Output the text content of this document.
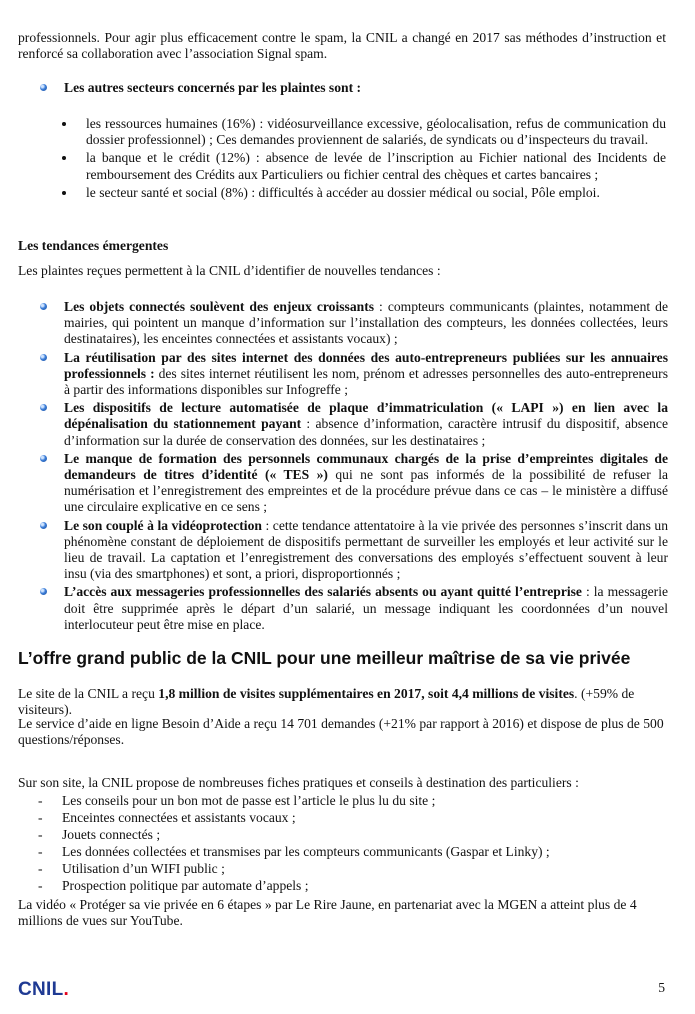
professionnels. Pour agir plus efficacement contre le spam, la CNIL a changé en 2017 sas méthodes d’instruction et renforcé sa collaboration avec l’association Signal spam.

Les autres secteurs concernés par les plaintes sont :
les ressources humaines (16%) : vidéosurveillance excessive, géolocalisation, refus de communication du dossier professionnel) ; Ces demandes proviennent de salariés, de syndicats ou d’inspecteurs du travail.
la banque et le crédit (12%) : absence de levée de l’inscription au Fichier national des Incidents de remboursement des Crédits aux Particuliers ou fichier central des chèques et cartes bancaires ;
le secteur santé et social (8%) : difficultés à accéder au dossier médical ou social, Pôle emploi.
Les tendances émergentes

Les plaintes reçues permettent à la CNIL d’identifier de nouvelles tendances :

Les objets connectés soulèvent des enjeux croissants : compteurs communicants (plaintes, notamment de mairies, qui pointent un manque d’information sur l’installation des compteurs, les données collectées, leurs destinataires), les enceintes connectées et assistants vocaux) ;
La réutilisation par des sites internet des données des auto-entrepreneurs publiées sur les annuaires professionnels : des sites internet réutilisent les nom, prénom et adresses personnelles des auto-entrepreneurs à partir des informations disponibles sur Infogreffe ;
Les dispositifs de lecture automatisée de plaque d’immatriculation (« LAPI ») en lien avec la dépénalisation du stationnement payant : absence d’information, caractère intrusif du dispositif, absence d’information sur la durée de conservation des données, sur les destinataires ;
Le manque de formation des personnels communaux chargés de la prise d’empreintes digitales de demandeurs de titres d’identité (« TES ») qui ne sont pas informés de la possibilité de refuser la numérisation et l’enregistrement des empreintes et de la procédure prévue dans ce cas – le ministère a diffusé une circulaire explicative en ce sens ;
Le son couplé à la vidéoprotection : cette tendance attentatoire à la vie privée des personnes s’inscrit dans un phénomène constant de déploiement de dispositifs permettant de surveiller les employés et leur activité sur le lieu de travail. La captation et l’enregistrement des conversations des employés s’effectuent souvent à leur insu (via des smartphones) et sont, a priori, disproportionnés ;
L’accès aux messageries professionnelles des salariés absents ou ayant quitté l’entreprise : la messagerie doit être supprimée après le départ d’un salarié, un message indiquant les coordonnées d’un nouvel interlocuteur peut être mise en place.
L’offre grand public de la CNIL pour une meilleur maîtrise de sa vie privée

Le site de la CNIL a reçu 1,8 million de visites supplémentaires en 2017, soit 4,4 millions de visites. (+59% de visiteurs).

Le service d’aide en ligne Besoin d’Aide a reçu 14 701 demandes (+21% par rapport à 2016) et dispose de plus de 500 questions/réponses.

Sur son site, la CNIL propose de nombreuses fiches pratiques et conseils à destination des particuliers :

- Les conseils pour un bon mot de passe est l’article le plus lu du site ;
- Enceintes connectées et assistants vocaux ;
- Jouets connectés ;
- Les données collectées et transmises par les compteurs communicants (Gaspar et Linky) ;
- Utilisation d’un WIFI public ;
- Prospection politique par automate d’appels ;

La vidéo « Protéger sa vie privée en 6 étapes » par Le Rire Jaune, en partenariat avec la MGEN a atteint plus de 4 millions de vues sur YouTube.

CNIL.	5
